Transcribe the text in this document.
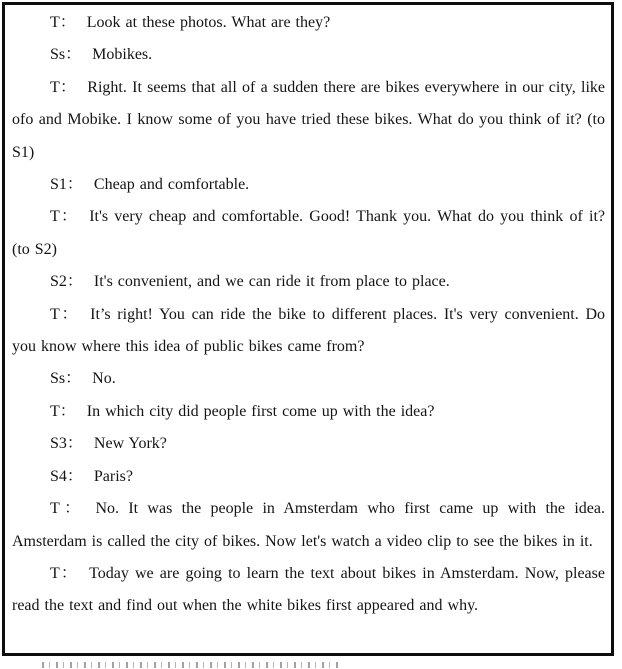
T： Look at these photos. What are they?

Ss： Mobikes.

T： Right. It seems that all of a sudden there are bikes everywhere in our city, like ofo and Mobike. I know some of you have tried these bikes. What do you think of it? (to S1)

S1： Cheap and comfortable.

T： It's very cheap and comfortable. Good! Thank you. What do you think of it? (to S2)

S2： It's convenient, and we can ride it from place to place.

T： It’s right! You can ride the bike to different places. It's very convenient. Do you know where this idea of public bikes came from?

Ss： No.

T： In which city did people first come up with the idea?

S3： New York?

S4： Paris?

T： No. It was the people in Amsterdam who first came up with the idea. Amsterdam is called the city of bikes. Now let's watch a video clip to see the bikes in it.

T： Today we are going to learn the text about bikes in Amsterdam. Now, please read the text and find out when the white bikes first appeared and why.
